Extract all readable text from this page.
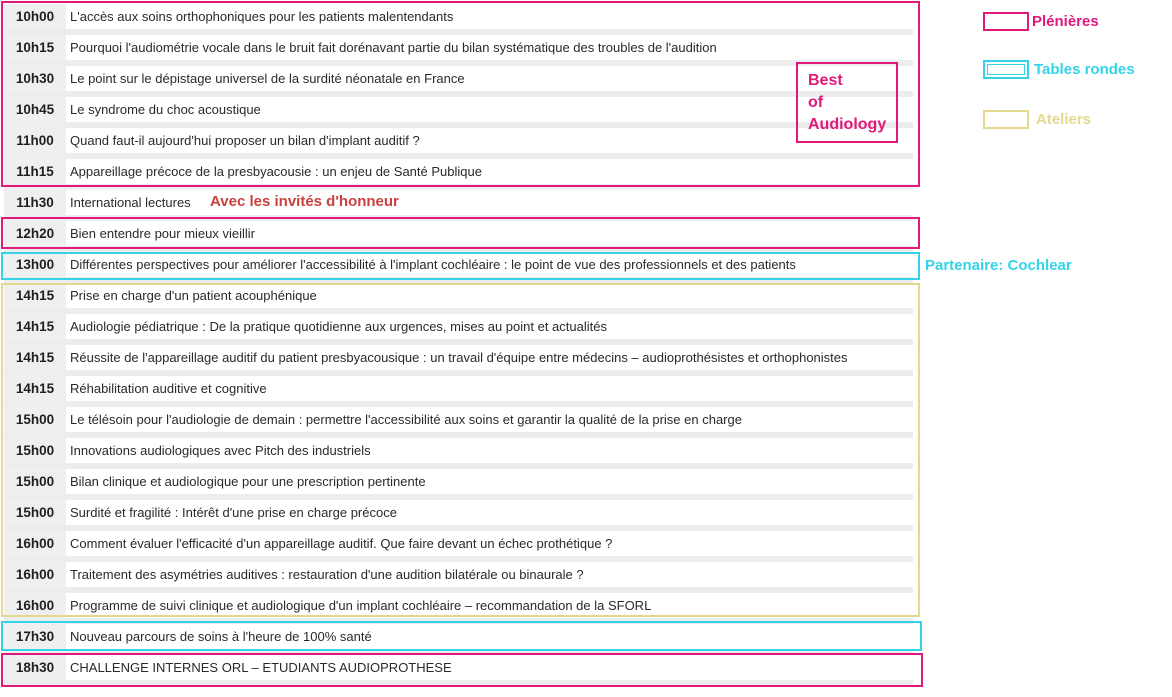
10h00	L'accès aux soins orthophoniques pour les patients malentendants
10h15	Pourquoi l'audiométrie vocale dans le bruit fait dorénavant partie du bilan systématique des troubles de l'audition
10h30	Le point sur le dépistage universel de la surdité néonatale en France
10h45	Le syndrome du choc acoustique
11h00	Quand faut-il aujourd'hui proposer un bilan d'implant auditif ?
11h15	Appareillage précoce de la presbyacousie : un enjeu de Santé Publique
11h30	International lectures
12h20	Bien entendre pour mieux vieillir
13h00	Différentes perspectives pour améliorer l'accessibilité à l'implant cochléaire : le point de vue des professionnels et des patients
14h15	Prise en charge d'un patient acouphénique
14h15	Audiologie pédiatrique : De la pratique quotidienne aux urgences, mises au point et actualités
14h15	Réussite de l'appareillage auditif du patient presbyacousique : un travail d'équipe entre médecins – audioprothésistes et orthophonistes
14h15	Réhabilitation auditive et cognitive
15h00	Le télésoin pour l'audiologie de demain : permettre l'accessibilité aux soins et garantir la qualité de la prise en charge
15h00	Innovations audiologiques avec Pitch des industriels
15h00	Bilan clinique et audiologique pour une prescription pertinente
15h00	Surdité et fragilité : Intérêt d'une prise en charge précoce
16h00	Comment évaluer l'efficacité d'un appareillage auditif. Que faire devant un échec prothétique ?
16h00	Traitement des asymétries auditives : restauration d'une audition bilatérale ou binaurale ?
16h00	Programme de suivi clinique et audiologique d'un implant cochléaire – recommandation de la SFORL
17h30	Nouveau parcours de soins à l'heure de 100% santé
18h30	CHALLENGE INTERNES ORL – ETUDIANTS AUDIOPROTHESE
Avec les invités d'honneur
Best
of
Audiology
Partenaire: Cochlear
Plénières
Tables rondes
Ateliers
